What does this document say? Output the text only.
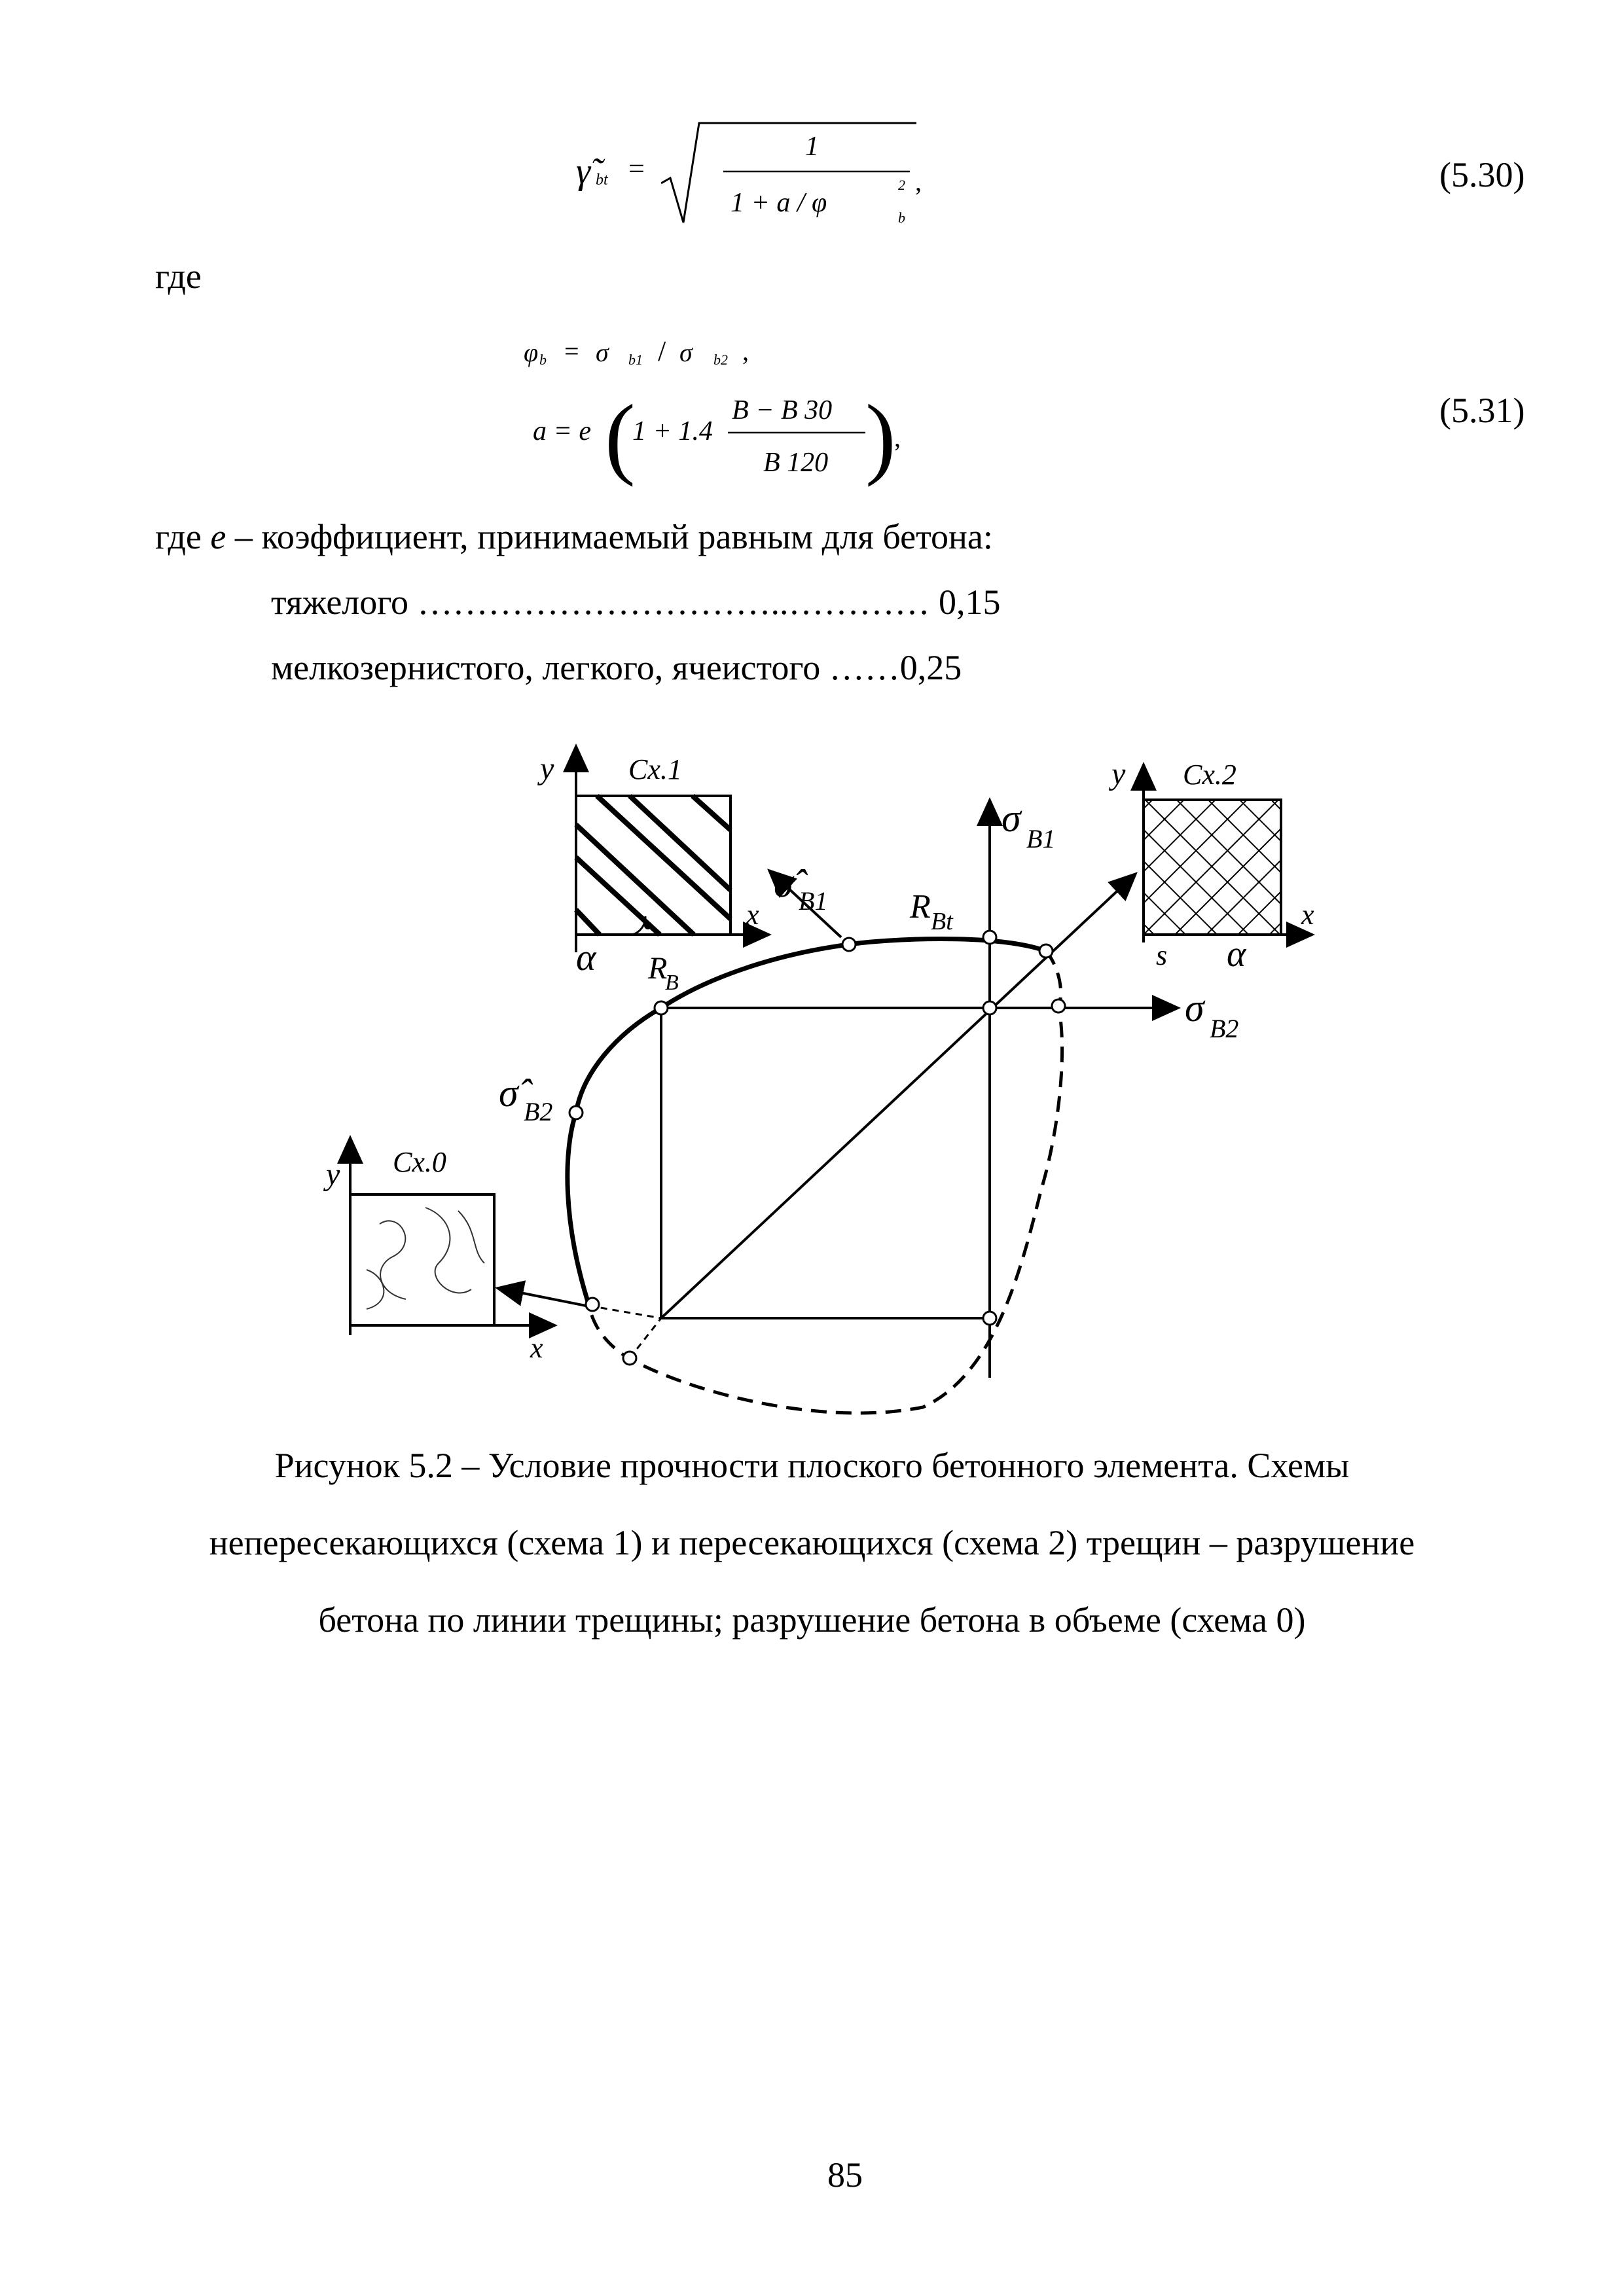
γ̃ bt =
1
1 + a / φ
2
b
,	(5.30)
где
φ b = σ b1 / σ b2 ,
a = e (
1 + 1.4
B − B 30
B 120 )
,
(5.31)
где e – коэффициент, принимаемый равным для бетона:
тяжелого …………………………..………… 0,15
мелкозернистого, легкого, ячеистого ……0,25
Cx.1
y
x
α
Cx.2
y
x
s α
Cx.0
y
x
σ B1
σ B2
σ̂ B1
σ̂ B2
R
B
R Bt
Рисунок 5.2 – Условие прочности плоского бетонного элемента. Схемы
непересекающихся (схема 1) и пересекающихся (схема 2) трещин – разрушение
бетона по линии трещины; разрушение бетона в объеме (схема 0)
85
